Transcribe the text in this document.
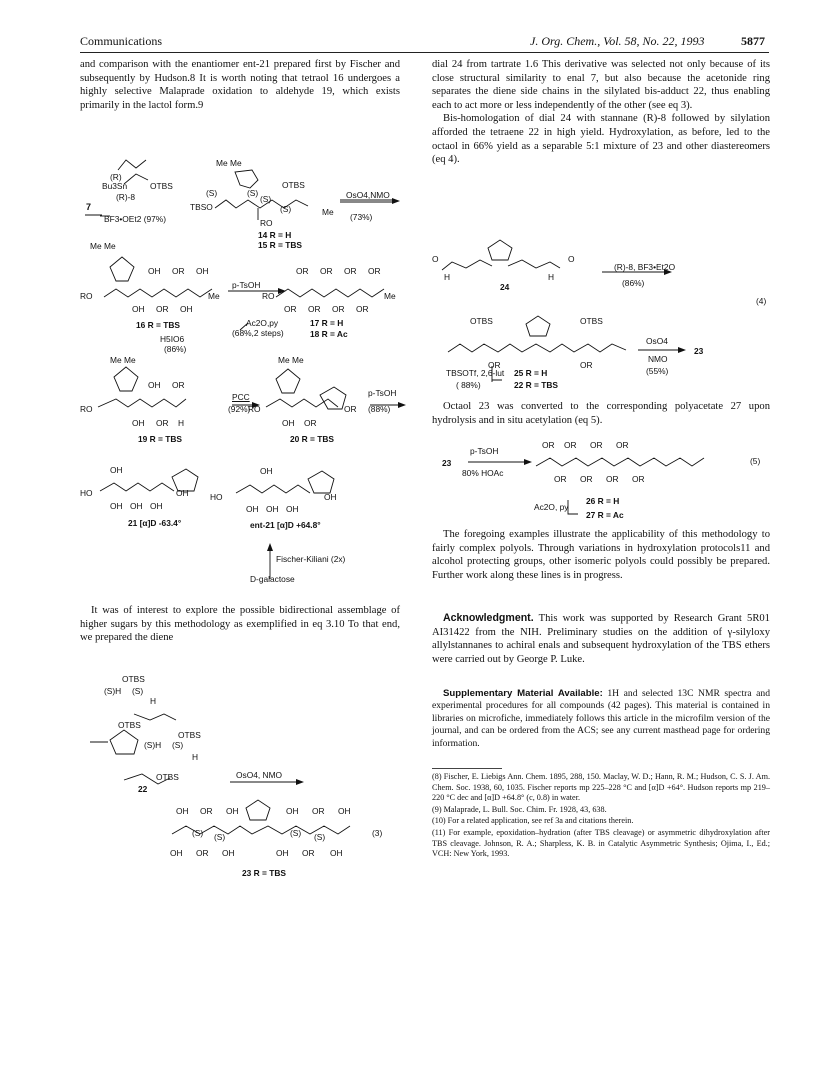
Communications	J. Org. Chem., Vol. 58, No. 22, 1993	5877

and comparison with the enantiomer ent-21 prepared first by Fischer and subsequently by Hudson.8 It is worth noting that tetraol 16 undergoes a highly selective Malaprade oxidation to aldehyde 19, which exists primarily in the lactol form.9

It was of interest to explore the possible bidirectional assemblage of higher sugars by this methodology as exemplified in eq 3.10 To that end, we prepared the diene

dial 24 from tartrate 1.6 This derivative was selected not only because of its close structural similarity to enal 7, but also because the acetonide ring separates the diene side chains in the silylated bis-adduct 22, thus enabling each to act more or less independently of the other (see eq 3).

Bis-homologation of dial 24 with stannane (R)-8 followed by silylation afforded the tetraene 22 in high yield. Hydroxylation, as before, led to the octaol in 66% yield as a separable 5:1 mixture of 23 and other diastereomers (eq 4).

Octaol 23 was converted to the corresponding polyacetate 27 upon hydrolysis and in situ acetylation (eq 5).

The foregoing examples illustrate the applicability of this methodology to fairly complex polyols. Through variations in hydroxylation protocols11 and alcohol protecting groups, other isomeric polyols could possibly be prepared. Further work along these lines is in progress.

Acknowledgment. This work was supported by Research Grant 5R01 AI31422 from the NIH. Preliminary studies on the addition of γ-silyloxy allylstannanes to achiral enals and subsequent hydroxylation of the TBS ethers were carried out by George P. Luke.

Supplementary Material Available: 1H and selected 13C NMR spectra and experimental procedures for all compounds (42 pages). This material is contained in libraries on microfiche, immediately follows this article in the microfilm version of the journal, and can be ordered from the ACS; see any current masthead page for ordering information.

(8) Fischer, E. Liebigs Ann. Chem. 1895, 288, 150. Maclay, W. D.; Hann, R. M.; Hudson, C. S. J. Am. Chem. Soc. 1938, 60, 1035. Fischer reports mp 225–228 °C and [α]D +64°. Hudson reports mp 219–220 °C dec and [α]D +64.8° (c, 0.8) in water.
(9) Malaprade, L. Bull. Soc. Chim. Fr. 1928, 43, 638.
(10) For a related application, see ref 3a and citations therein.
(11) For example, epoxidation–hydration (after TBS cleavage) or asymmetric dihydroxylation after TBS cleavage. Johnson, R. A.; Sharpless, K. B. in Catalytic Asymmetric Synthesis; Ojima, I., Ed.; VCH: New York, 1993.
(R)
Bu3Sn	OTBS
(R)-8
7
BF3•OEt2 (97%)
TBSO
Me Me
(S)	(S)
OTBS
(S)
(S)	Me
RO
OsO4,NMO
(73%)
14 R = H
15 R = TBS
Me Me
OH OR OH
RO
OH OR OH
Me
p-TsOH
OR OR OR OR
RO
OR OR OR OR
Me
16 R = TBS	Ac2O,py	17 R = H
(68%,2 steps)	18 R = Ac
H5IO6
(86%)
Me Me
OH OR
RO
OH OR H
PCC
(92%)
Me Me
RO
OH OR
OR
p-TsOH
(88%)
19 R = TBS	20 R = TBS
OH
HO
OH OH OH
OH
21 [α]D -63.4°
OH
HO
OH OH OH
OH
ent-21 [α]D +64.8°
Fischer-Kiliani (2x)
D-galactose
OTBS
(S)H (S)
H
OTBS
OTBS
(S)H (S)
H
22
OTBS	OsO4, NMO
OH OR OH	OH OR OH
(S) (S)	(S) (S)
OH OR OH	OH OR OH
(3)
23 R = TBS
O
H
24
O
H
(R)-8, BF3•Et2O
(86%)
(4)
OTBS	OTBS
OR	OR
OsO4
NMO
(55%)
23
TBSOTf, 2,6-lut
( 88%)
25 R = H
22 R = TBS
23
p-TsOH
80% HOAc
OR OR OR OR
OR OR OR OR
(5)
Ac2O, py
26 R = H
27 R = Ac
